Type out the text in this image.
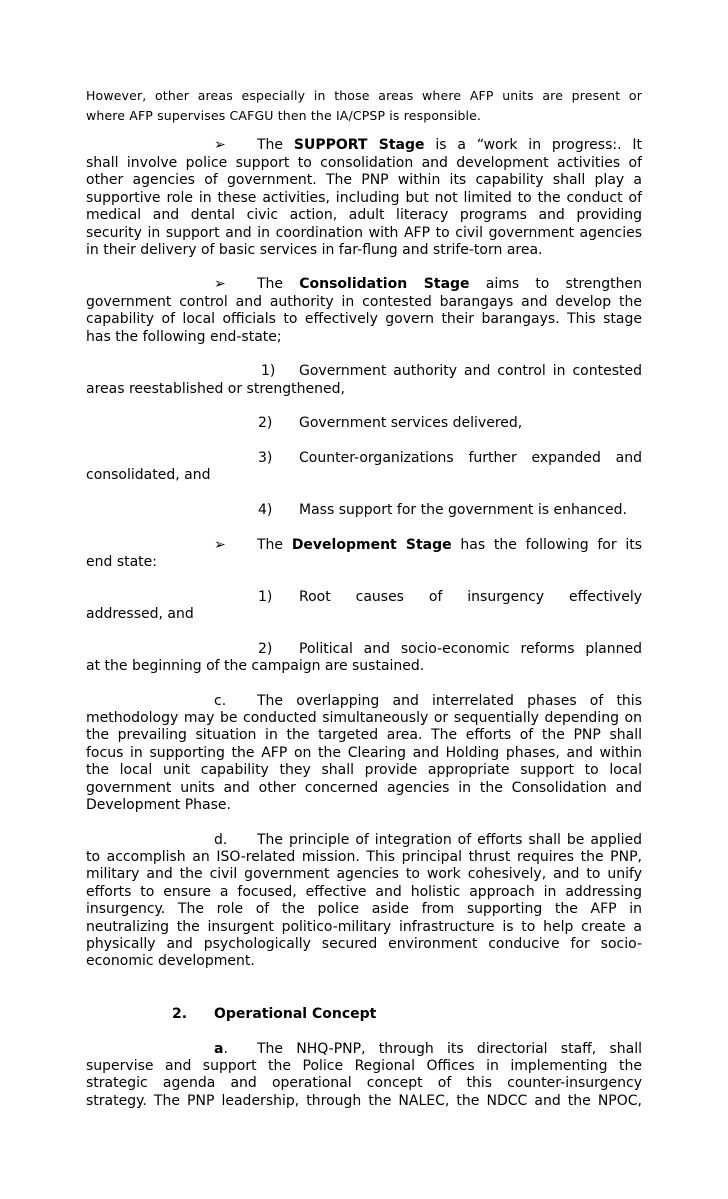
However, other areas especially in those areas where AFP units are present or
where AFP supervises CAFGU then the IA/CPSP is responsible.
➢ The SUPPORT Stage is a “work in progress:. It
shall involve police support to consolidation and development activities of
other agencies of government. The PNP within its capability shall play a
supportive role in these activities, including but not limited to the conduct of
medical and dental civic action, adult literacy programs and providing
security in support and in coordination with AFP to civil government agencies
in their delivery of basic services in far-flung and strife-torn area.
➢ The Consolidation Stage aims to strengthen
government control and authority in contested barangays and develop the
capability of local officials to effectively govern their barangays. This stage
has the following end-state;
1) Government authority and control in contested
areas reestablished or strengthened,
2) Government services delivered,
3) Counter-organizations further expanded and
consolidated, and
4) Mass support for the government is enhanced.
➢ The Development Stage has the following for its
end state:
1) Root causes of insurgency effectively
addressed, and
2) Political and socio-economic reforms planned
at the beginning of the campaign are sustained.
c. The overlapping and interrelated phases of this
methodology may be conducted simultaneously or sequentially depending on
the prevailing situation in the targeted area. The efforts of the PNP shall
focus in supporting the AFP on the Clearing and Holding phases, and within
the local unit capability they shall provide appropriate support to local
government units and other concerned agencies in the Consolidation and
Development Phase.
d. The principle of integration of efforts shall be applied
to accomplish an ISO-related mission. This principal thrust requires the PNP,
military and the civil government agencies to work cohesively, and to unify
efforts to ensure a focused, effective and holistic approach in addressing
insurgency. The role of the police aside from supporting the AFP in
neutralizing the insurgent politico-military infrastructure is to help create a
physically and psychologically secured environment conducive for socio-
economic development.
2. Operational Concept
a. The NHQ-PNP, through its directorial staff, shall
supervise and support the Police Regional Offices in implementing the
strategic agenda and operational concept of this counter-insurgency
strategy. The PNP leadership, through the NALEC, the NDCC and the NPOC,
